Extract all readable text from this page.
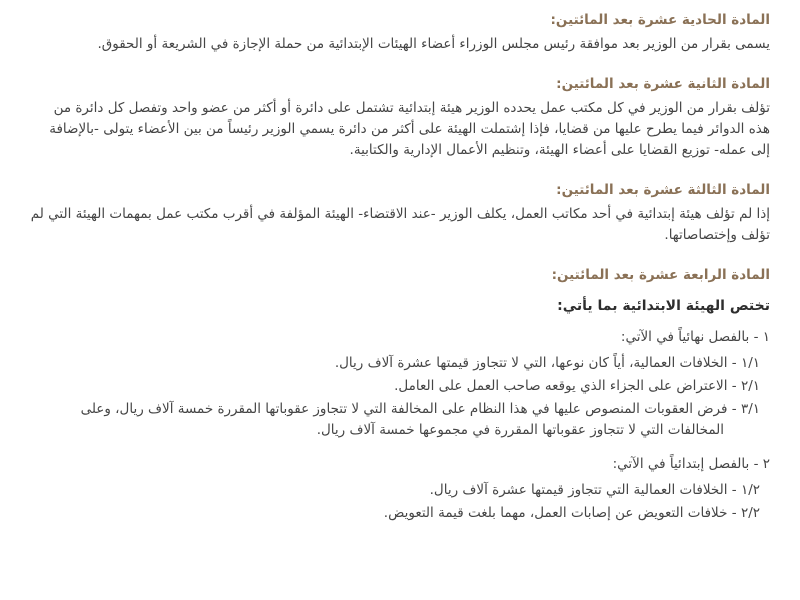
المادة الحادية عشرة بعد المائتين:

يسمى بقرار من الوزير بعد موافقة رئيس مجلس الوزراء أعضاء الهيئات الإبتدائية من حملة الإجازة في الشريعة أو الحقوق.

المادة الثانية عشرة بعد المائتين:

تؤلف بقرار من الوزير في كل مكتب عمل يحدده الوزير هيئة إبتدائية تشتمل على دائرة أو أكثر من عضو واحد وتفصل كل دائرة من هذه الدوائر فيما يطرح عليها من قضايا، فإذا إشتملت الهيئة على أكثر من دائرة يسمي الوزير رئيساً من بين الأعضاء يتولى -بالإضافة إلى عمله- توزيع القضايا على أعضاء الهيئة، وتنظيم الأعمال الإدارية والكتابية.

المادة الثالثة عشرة بعد المائتين:

إذا لم تؤلف هيئة إبتدائية في أحد مكاتب العمل، يكلف الوزير -عند الاقتضاء- الهيئة المؤلفة في أقرب مكتب عمل بمهمات الهيئة التي لم تؤلف وإختصاصاتها.

المادة الرابعة عشرة بعد المائتين:

تختص الهيئة الابتدائية بما يأتي:

١ - بالفصل نهائياً في الآتي:

١/١ - الخلافات العمالية، أياً كان نوعها، التي لا تتجاوز قيمتها عشرة آلاف ريال.
٢/١ - الاعتراض على الجزاء الذي يوقعه صاحب العمل على العامل.
٣/١ - فرض العقوبات المنصوص عليها في هذا النظام على المخالفة التي لا تتجاوز عقوباتها المقررة خمسة آلاف ريال، وعلى المخالفات التي لا تتجاوز عقوباتها المقررة في مجموعها خمسة آلاف ريال.

٢ - بالفصل إبتدائياً في الآتي:

١/٢ - الخلافات العمالية التي تتجاوز قيمتها عشرة آلاف ريال.
٢/٢ - خلافات التعويض عن إصابات العمل، مهما بلغت قيمة التعويض.
